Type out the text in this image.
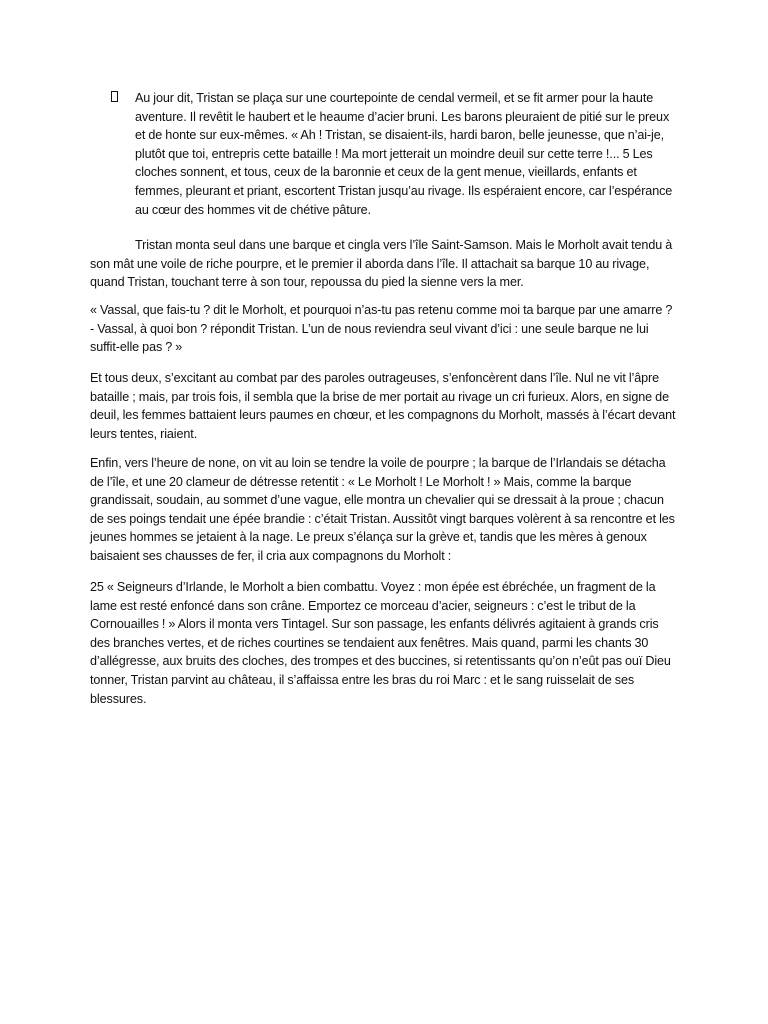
Au jour dit, Tristan se plaça sur une courtepointe de cendal vermeil, et se fit armer pour la haute aventure. Il revêtit le haubert et le heaume d’acier bruni. Les barons pleuraient de pitié sur le preux et de honte sur eux-mêmes. « Ah ! Tristan, se disaient-ils, hardi baron, belle jeunesse, que n’ai-je, plutôt que toi, entrepris cette bataille ! Ma mort jetterait un moindre deuil sur cette terre !... 5 Les cloches sonnent, et tous, ceux de la baronnie et ceux de la gent menue, vieillards, enfants et femmes, pleurant et priant, escortent Tristan jusqu’au rivage. Ils espéraient encore, car l’espérance au cœur des hommes vit de chétive pâture.

Tristan monta seul dans une barque et cingla vers l’île Saint-Samson. Mais le Morholt avait tendu à son mât une voile de riche pourpre, et le premier il aborda dans l’île. Il attachait sa barque 10 au rivage, quand Tristan, touchant terre à son tour, repoussa du pied la sienne vers la mer.

« Vassal, que fais-tu ? dit le Morholt, et pourquoi n’as-tu pas retenu comme moi ta barque par une amarre ? - Vassal, à quoi bon ? répondit Tristan. L’un de nous reviendra seul vivant d’ici : une seule barque ne lui suffit-elle pas ? »

Et tous deux, s’excitant au combat par des paroles outrageuses, s’enfoncèrent dans l’île. Nul ne vit l’âpre bataille ; mais, par trois fois, il sembla que la brise de mer portait au rivage un cri furieux. Alors, en signe de deuil, les femmes battaient leurs paumes en chœur, et les compagnons du Morholt, massés à l’écart devant leurs tentes, riaient.

Enfin, vers l’heure de none, on vit au loin se tendre la voile de pourpre ; la barque de l’Irlandais se détacha de l’île, et une 20 clameur de détresse retentit : « Le Morholt ! Le Morholt ! » Mais, comme la barque grandissait, soudain, au sommet d’une vague, elle montra un chevalier qui se dressait à la proue ; chacun de ses poings tendait une épée brandie : c’était Tristan. Aussitôt vingt barques volèrent à sa rencontre et les jeunes hommes se jetaient à la nage. Le preux s’élança sur la grève et, tandis que les mères à genoux baisaient ses chausses de fer, il cria aux compagnons du Morholt :

25 « Seigneurs d’Irlande, le Morholt a bien combattu. Voyez : mon épée est ébréchée, un fragment de la lame est resté enfoncé dans son crâne. Emportez ce morceau d’acier, seigneurs : c’est le tribut de la Cornouailles ! » Alors il monta vers Tintagel. Sur son passage, les enfants délivrés agitaient à grands cris des branches vertes, et de riches courtines se tendaient aux fenêtres. Mais quand, parmi les chants 30 d’allégresse, aux bruits des cloches, des trompes et des buccines, si retentissants qu’on n’eût pas ouï Dieu tonner, Tristan parvint au château, il s’affaissa entre les bras du roi Marc : et le sang ruisselait de ses blessures.
